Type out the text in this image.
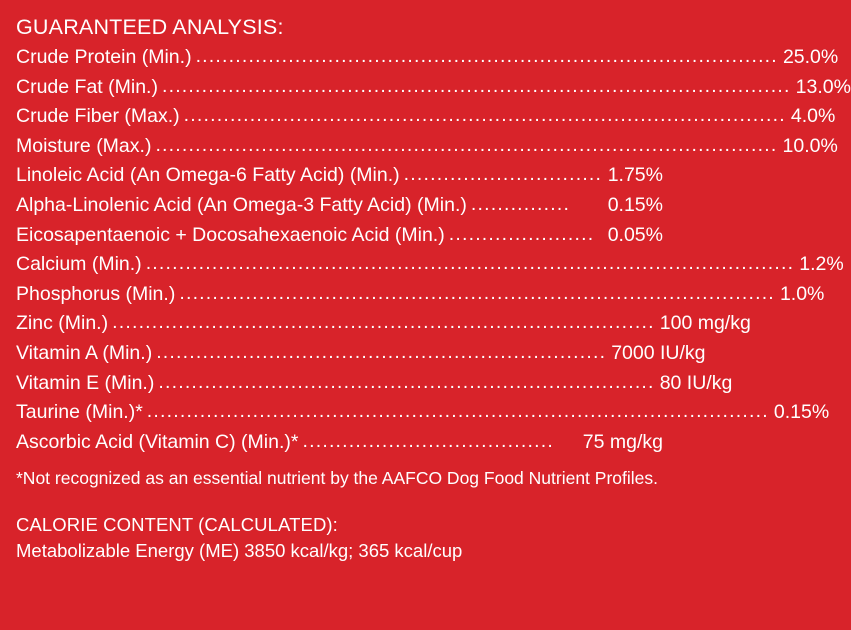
GUARANTEED ANALYSIS:
Crude Protein (Min.) ........................................................................................ 25.0%
Crude Fat (Min.) ............................................................................................... 13.0%
Crude Fiber (Max.) ........................................................................................... 4.0%
Moisture (Max.) .............................................................................................. 10.0%
Linoleic Acid (An Omega-6 Fatty Acid) (Min.) .............................. 1.75%
Alpha-Linolenic Acid (An Omega-3 Fatty Acid) (Min.) ...............	0.15%
Eicosapentaenoic + Docosahexaenoic Acid (Min.) ...................... 0.05%
Calcium (Min.) .................................................................................................. 1.2%
Phosphorus (Min.) .......................................................................................... 1.0%
Zinc (Min.) .................................................................................. 100 mg/kg
Vitamin A (Min.) .................................................................... 7000 IU/kg
Vitamin E (Min.) ........................................................................... 80 IU/kg
Taurine (Min.)* .............................................................................................. 0.15%
Ascorbic Acid (Vitamin C) (Min.)* ......................................	75 mg/kg
*Not recognized as an essential nutrient by the AAFCO Dog Food Nutrient Profiles.
CALORIE CONTENT (CALCULATED):
Metabolizable Energy (ME) 3850 kcal/kg; 365 kcal/cup
